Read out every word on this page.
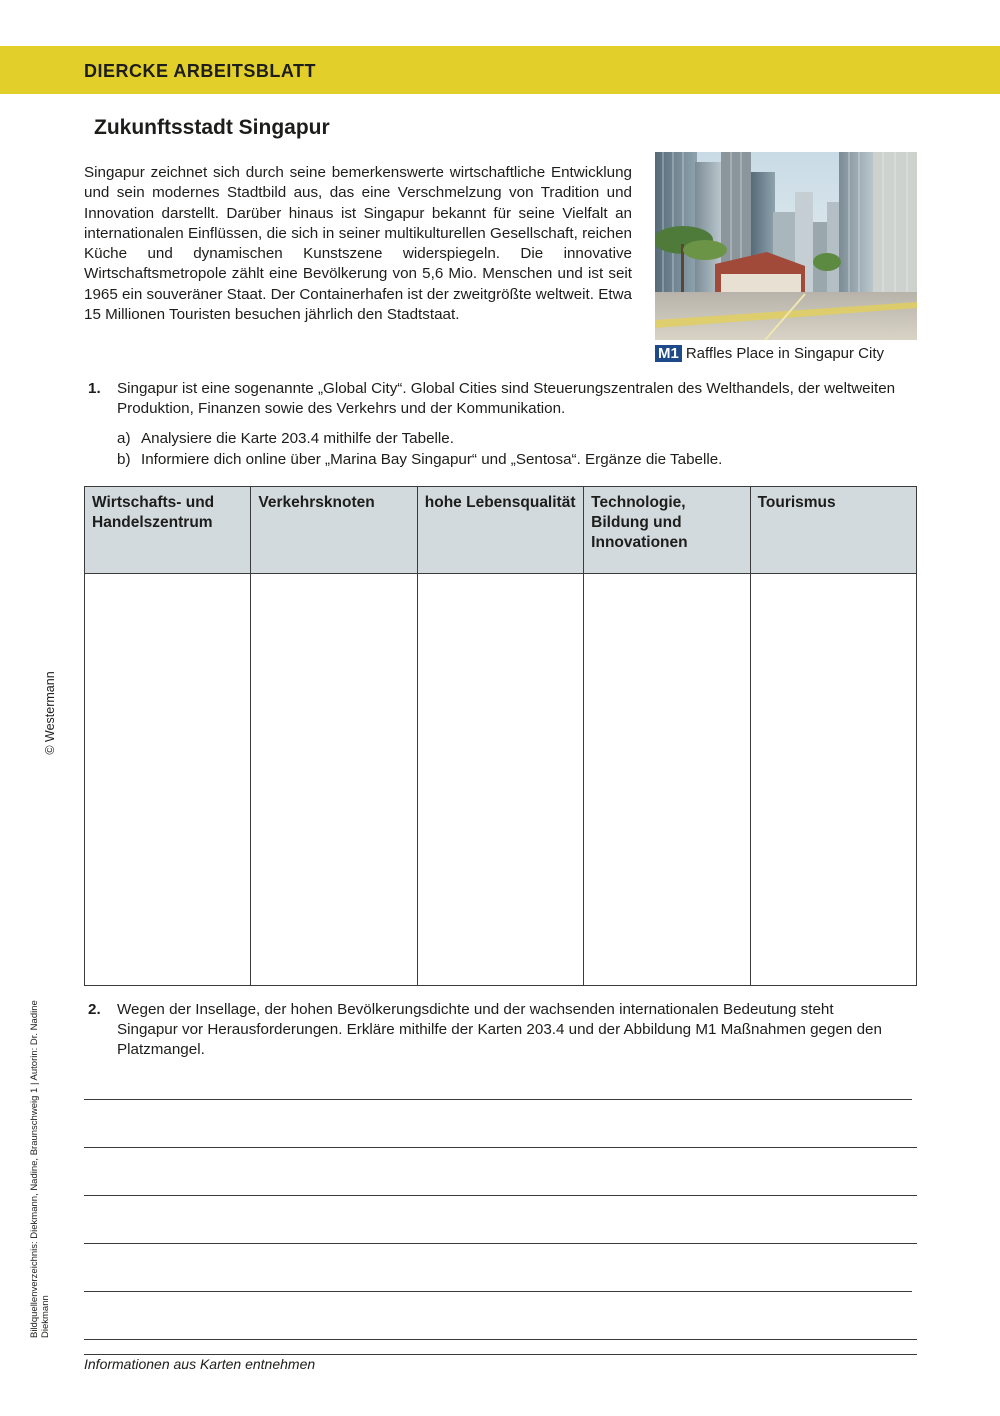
DIERCKE ARBEITSBLATT
Zukunftsstadt Singapur

Singapur zeichnet sich durch seine bemerkenswerte wirtschaftliche Entwicklung und sein modernes Stadtbild aus, das eine Verschmelzung von Tradition und Innovation darstellt. Darüber hinaus ist Singapur bekannt für seine Vielfalt an internationalen Einflüssen, die sich in seiner multikulturellen Gesellschaft, reichen Küche und dynamischen Kunstszene widerspiegeln. Die innovative Wirtschaftsmetropole zählt eine Bevölkerung von 5,6 Mio. Menschen und ist seit 1965 ein souveräner Staat. Der Containerhafen ist der zweitgrößte weltweit. Etwa 15 Millionen Touristen besuchen jährlich den Stadtstaat.

M1 Raffles Place in Singapur City
1. Singapur ist eine sogenannte „Global City“. Global Cities sind Steuerungszentralen des Welthandels, der weltweiten Produktion, Finanzen sowie des Verkehrs und der Kommunikation.
a) Analysiere die Karte 203.4 mithilfe der Tabelle.
b) Informiere dich online über „Marina Bay Singapur“ und „Sentosa“. Ergänze die Tabelle.
Wirtschafts- und Handelszentrum	Verkehrsknoten	hohe Lebensqualität	Technologie, Bildung und Innovationen	Tourismus

2. Wegen der Insellage, der hohen Bevölkerungsdichte und der wachsenden internationalen Bedeutung steht Singapur vor Herausforderungen. Erkläre mithilfe der Karten 203.4 und der Abbildung M1 Maßnahmen gegen den Platzmangel.
Informationen aus Karten entnehmen
© Westermann
Bildquellenverzeichnis: Diekmann, Nadine, Braunschweig 1 | Autorin: Dr. Nadine Diekmann
